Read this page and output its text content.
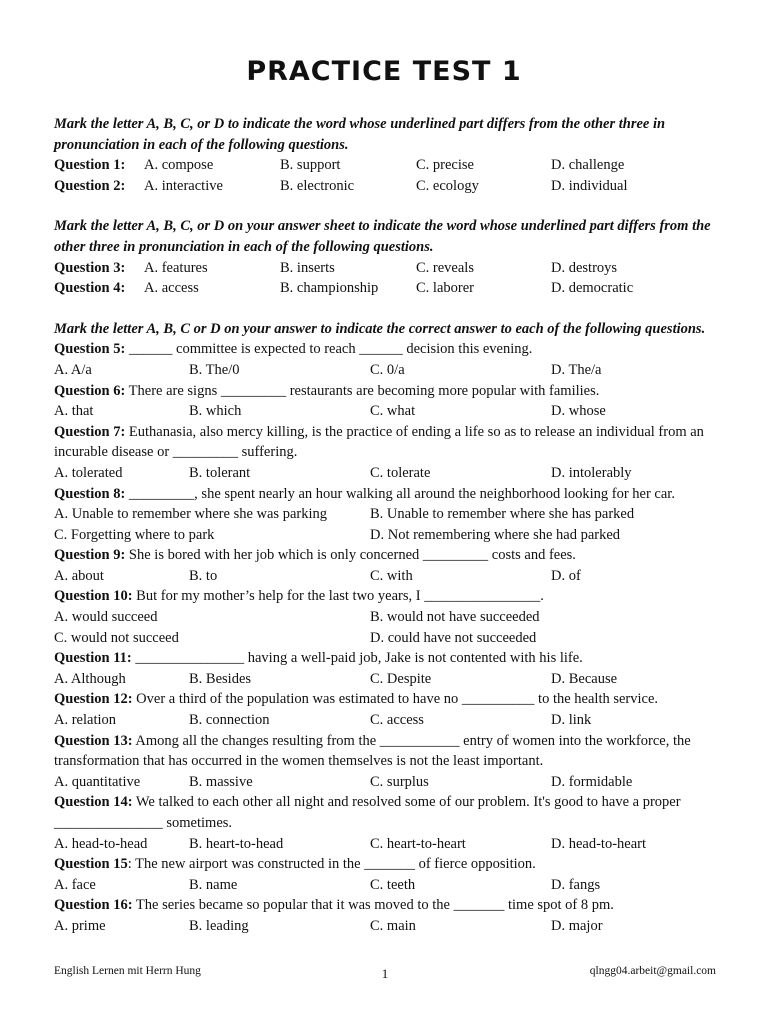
PRACTICE TEST 1
Mark the letter A, B, C, or D to indicate the word whose underlined part differs from the other three in pronunciation in each of the following questions.
Question 1:	A. compose	B. support	C. precise	D. challenge
Question 2:	A. interactive	B. electronic	C. ecology	D. individual
Mark the letter A, B, C, or D on your answer sheet to indicate the word whose underlined part differs from the other three in pronunciation in each of the following questions.
Question 3:	A. features	B. inserts	C. reveals	D. destroys
Question 4:	A. access	B. championship	C. laborer	D. democratic
Mark the letter A, B, C or D on your answer to indicate the correct answer to each of the following questions.
Question 5: ______ committee is expected to reach ______ decision this evening.
A. A/a	B. The/0	C. 0/a	D. The/a
Question 6: There are signs _________ restaurants are becoming more popular with families.
A. that	B. which	C. what	D. whose
Question 7: Euthanasia, also mercy killing, is the practice of ending a life so as to release an individual from an incurable disease or _________ suffering.
A. tolerated	B. tolerant	C. tolerate	D. intolerably
Question 8: _________, she spent nearly an hour walking all around the neighborhood looking for her car.
A. Unable to remember where she was parking	B. Unable to remember where she has parked
C. Forgetting where to park	D. Not remembering where she had parked
Question 9: She is bored with her job which is only concerned _________ costs and fees.
A. about	B. to	C. with	D. of
Question 10: But for my mother’s help for the last two years, I ________________.
A. would succeed	B. would not have succeeded
C. would not succeed	D. could have not succeeded
Question 11: _______________ having a well-paid job, Jake is not contented with his life.
A. Although	B. Besides	C. Despite	D. Because
Question 12: Over a third of the population was estimated to have no __________ to the health service.
A. relation	B. connection	C. access	D. link
Question 13: Among all the changes resulting from the ___________ entry of women into the workforce, the transformation that has occurred in the women themselves is not the least important.
A. quantitative	B. massive	C. surplus	D. formidable
Question 14: We talked to each other all night and resolved some of our problem. It's good to have a proper _______________ sometimes.
A. head-to-head	B. heart-to-head	C. heart-to-heart	D. head-to-heart
Question 15: The new airport was constructed in the _______ of fierce opposition.
A. face	B. name	C. teeth	D. fangs
Question 16: The series became so popular that it was moved to the _______ time spot of 8 pm.
A. prime	B. leading	C. main	D. major
English Lernen mit Herrn Hung	1	qlngg04.arbeit@gmail.com
